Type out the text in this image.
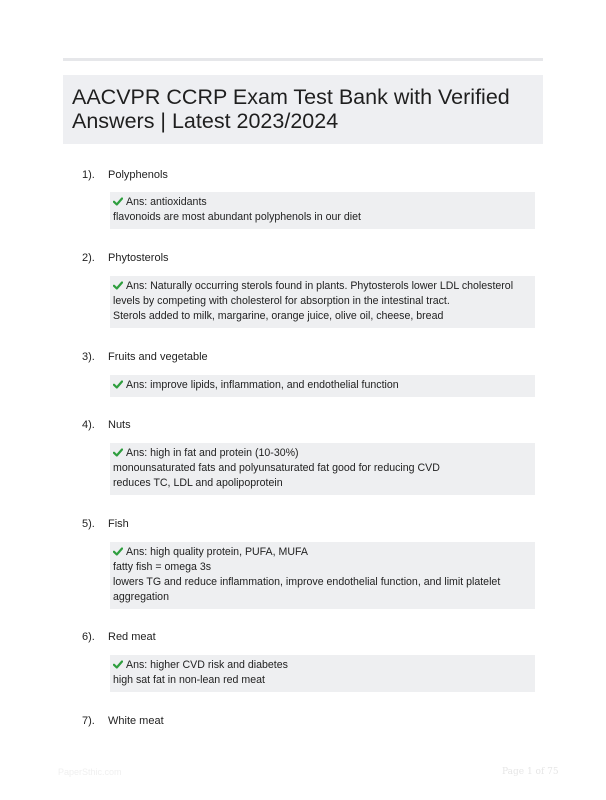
AACVPR CCRP Exam Test Bank with Verified Answers | Latest 2023/2024
1). Polyphenols
Ans: antioxidants
flavonoids are most abundant polyphenols in our diet
2). Phytosterols
Ans: Naturally occurring sterols found in plants. Phytosterols lower LDL cholesterol
levels by competing with cholesterol for absorption in the intestinal tract.
Sterols added to milk, margarine, orange juice, olive oil, cheese, bread
3). Fruits and vegetable
Ans: improve lipids, inflammation, and endothelial function
4). Nuts
Ans: high in fat and protein (10-30%)
monounsaturated fats and polyunsaturated fat good for reducing CVD
reduces TC, LDL and apolipoprotein
5). Fish
Ans: high quality protein, PUFA, MUFA
fatty fish = omega 3s
lowers TG and reduce inflammation, improve endothelial function, and limit platelet
aggregation
6). Red meat
Ans: higher CVD risk and diabetes
high sat fat in non-lean red meat
7). White meat
PaperSthic.com	Page 1 of 75
